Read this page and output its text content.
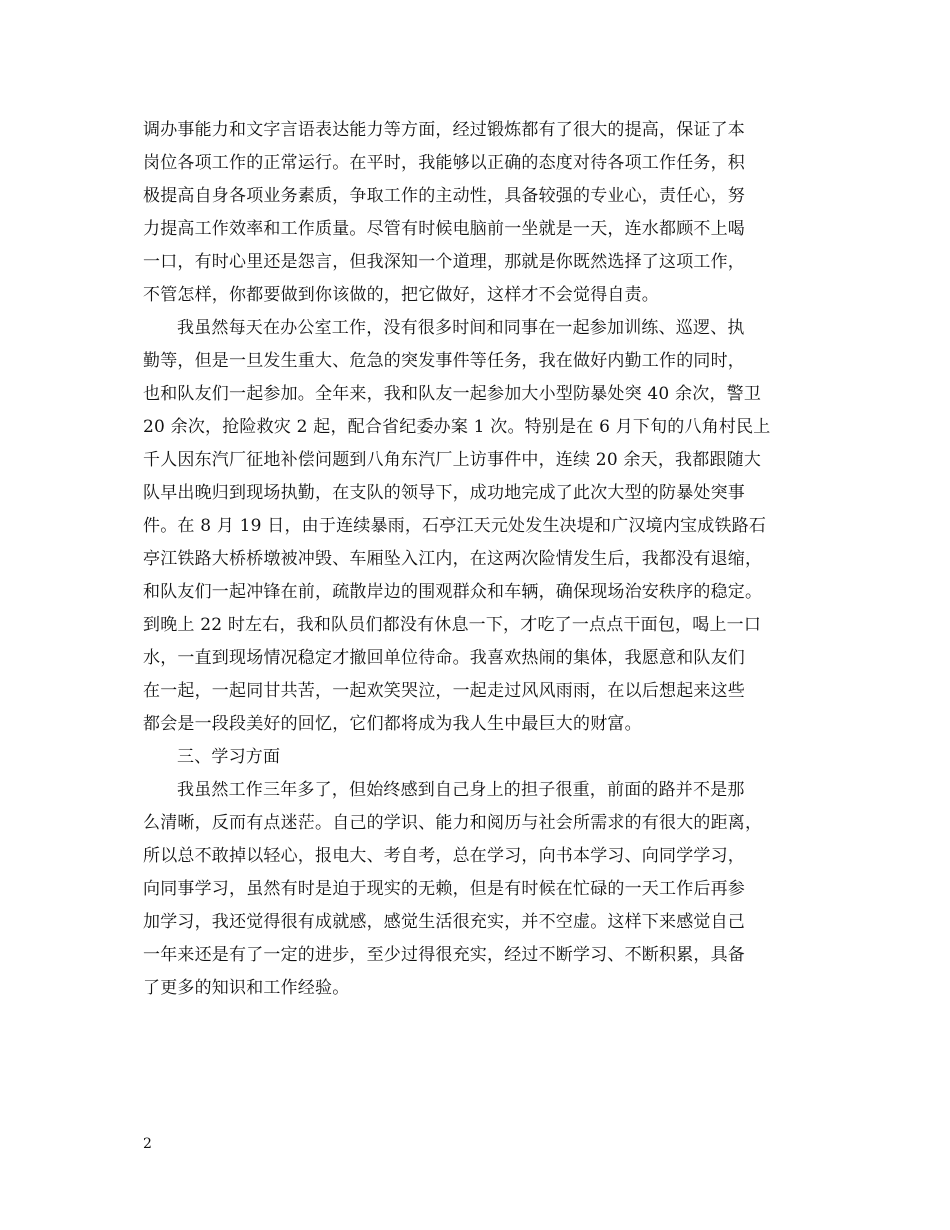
调办事能力和文字言语表达能力等方面，经过锻炼都有了很大的提高，保证了本
岗位各项工作的正常运行。在平时，我能够以正确的态度对待各项工作任务，积
极提高自身各项业务素质，争取工作的主动性，具备较强的专业心，责任心，努
力提高工作效率和工作质量。尽管有时候电脑前一坐就是一天，连水都顾不上喝
一口，有时心里还是怨言，但我深知一个道理，那就是你既然选择了这项工作，
不管怎样，你都要做到你该做的，把它做好，这样才不会觉得自责。
我虽然每天在办公室工作，没有很多时间和同事在一起参加训练、巡逻、执
勤等，但是一旦发生重大、危急的突发事件等任务，我在做好内勤工作的同时，
也和队友们一起参加。全年来，我和队友一起参加大小型防暴处突 40 余次，警卫
20 余次，抢险救灾 2 起，配合省纪委办案 1 次。特别是在 6 月下旬的八角村民上
千人因东汽厂征地补偿问题到八角东汽厂上访事件中，连续 20 余天，我都跟随大
队早出晚归到现场执勤，在支队的领导下，成功地完成了此次大型的防暴处突事
件。在 8 月 19 日，由于连续暴雨，石亭江天元处发生决堤和广汉境内宝成铁路石
亭江铁路大桥桥墩被冲毁、车厢坠入江内，在这两次险情发生后，我都没有退缩，
和队友们一起冲锋在前，疏散岸边的围观群众和车辆，确保现场治安秩序的稳定。
到晚上 22 时左右，我和队员们都没有休息一下，才吃了一点点干面包，喝上一口
水，一直到现场情况稳定才撤回单位待命。我喜欢热闹的集体，我愿意和队友们
在一起，一起同甘共苦，一起欢笑哭泣，一起走过风风雨雨，在以后想起来这些
都会是一段段美好的回忆，它们都将成为我人生中最巨大的财富。
三、学习方面
我虽然工作三年多了，但始终感到自己身上的担子很重，前面的路并不是那
么清晰，反而有点迷茫。自己的学识、能力和阅历与社会所需求的有很大的距离，
所以总不敢掉以轻心，报电大、考自考，总在学习，向书本学习、向同学学习，
向同事学习，虽然有时是迫于现实的无赖，但是有时候在忙碌的一天工作后再参
加学习，我还觉得很有成就感，感觉生活很充实，并不空虚。这样下来感觉自己
一年来还是有了一定的进步，至少过得很充实，经过不断学习、不断积累，具备
了更多的知识和工作经验。
2
